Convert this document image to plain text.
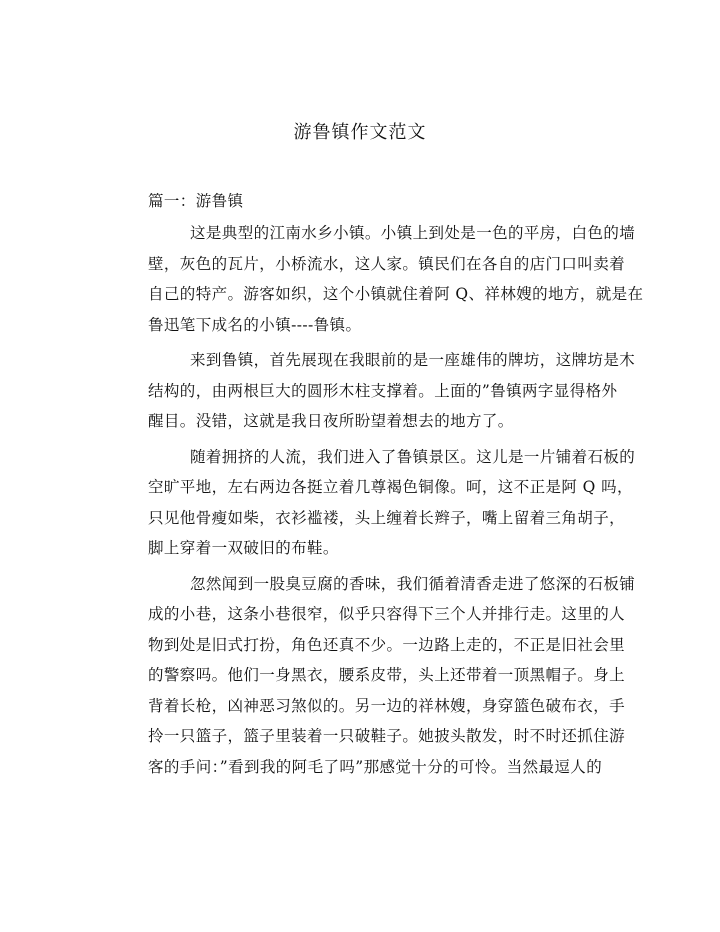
游鲁镇作文范文
篇一：游鲁镇
这是典型的江南水乡小镇。小镇上到处是一色的平房，白色的墙
壁，灰色的瓦片，小桥流水，这人家。镇民们在各自的店门口叫卖着
自己的特产。游客如织，这个小镇就住着阿 Q、祥林嫂的地方，就是在
鲁迅笔下成名的小镇----鲁镇。
来到鲁镇，首先展现在我眼前的是一座雄伟的牌坊，这牌坊是木
结构的，由两根巨大的圆形木柱支撑着。上面的”鲁镇两字显得格外
醒目。没错，这就是我日夜所盼望着想去的地方了。
随着拥挤的人流，我们进入了鲁镇景区。这儿是一片铺着石板的
空旷平地，左右两边各挺立着几尊褐色铜像。呵，这不正是阿 Q 吗，
只见他骨瘦如柴，衣衫褴褛，头上缠着长辫子，嘴上留着三角胡子，
脚上穿着一双破旧的布鞋。
忽然闻到一股臭豆腐的香味，我们循着清香走进了悠深的石板铺
成的小巷，这条小巷很窄，似乎只容得下三个人并排行走。这里的人
物到处是旧式打扮，角色还真不少。一边路上走的，不正是旧社会里
的警察吗。他们一身黑衣，腰系皮带，头上还带着一顶黑帽子。身上
背着长枪，凶神恶习煞似的。另一边的祥林嫂，身穿篮色破布衣，手
拎一只篮子，篮子里装着一只破鞋子。她披头散发，时不时还抓住游
客的手问：”看到我的阿毛了吗”那感觉十分的可怜。当然最逗人的
